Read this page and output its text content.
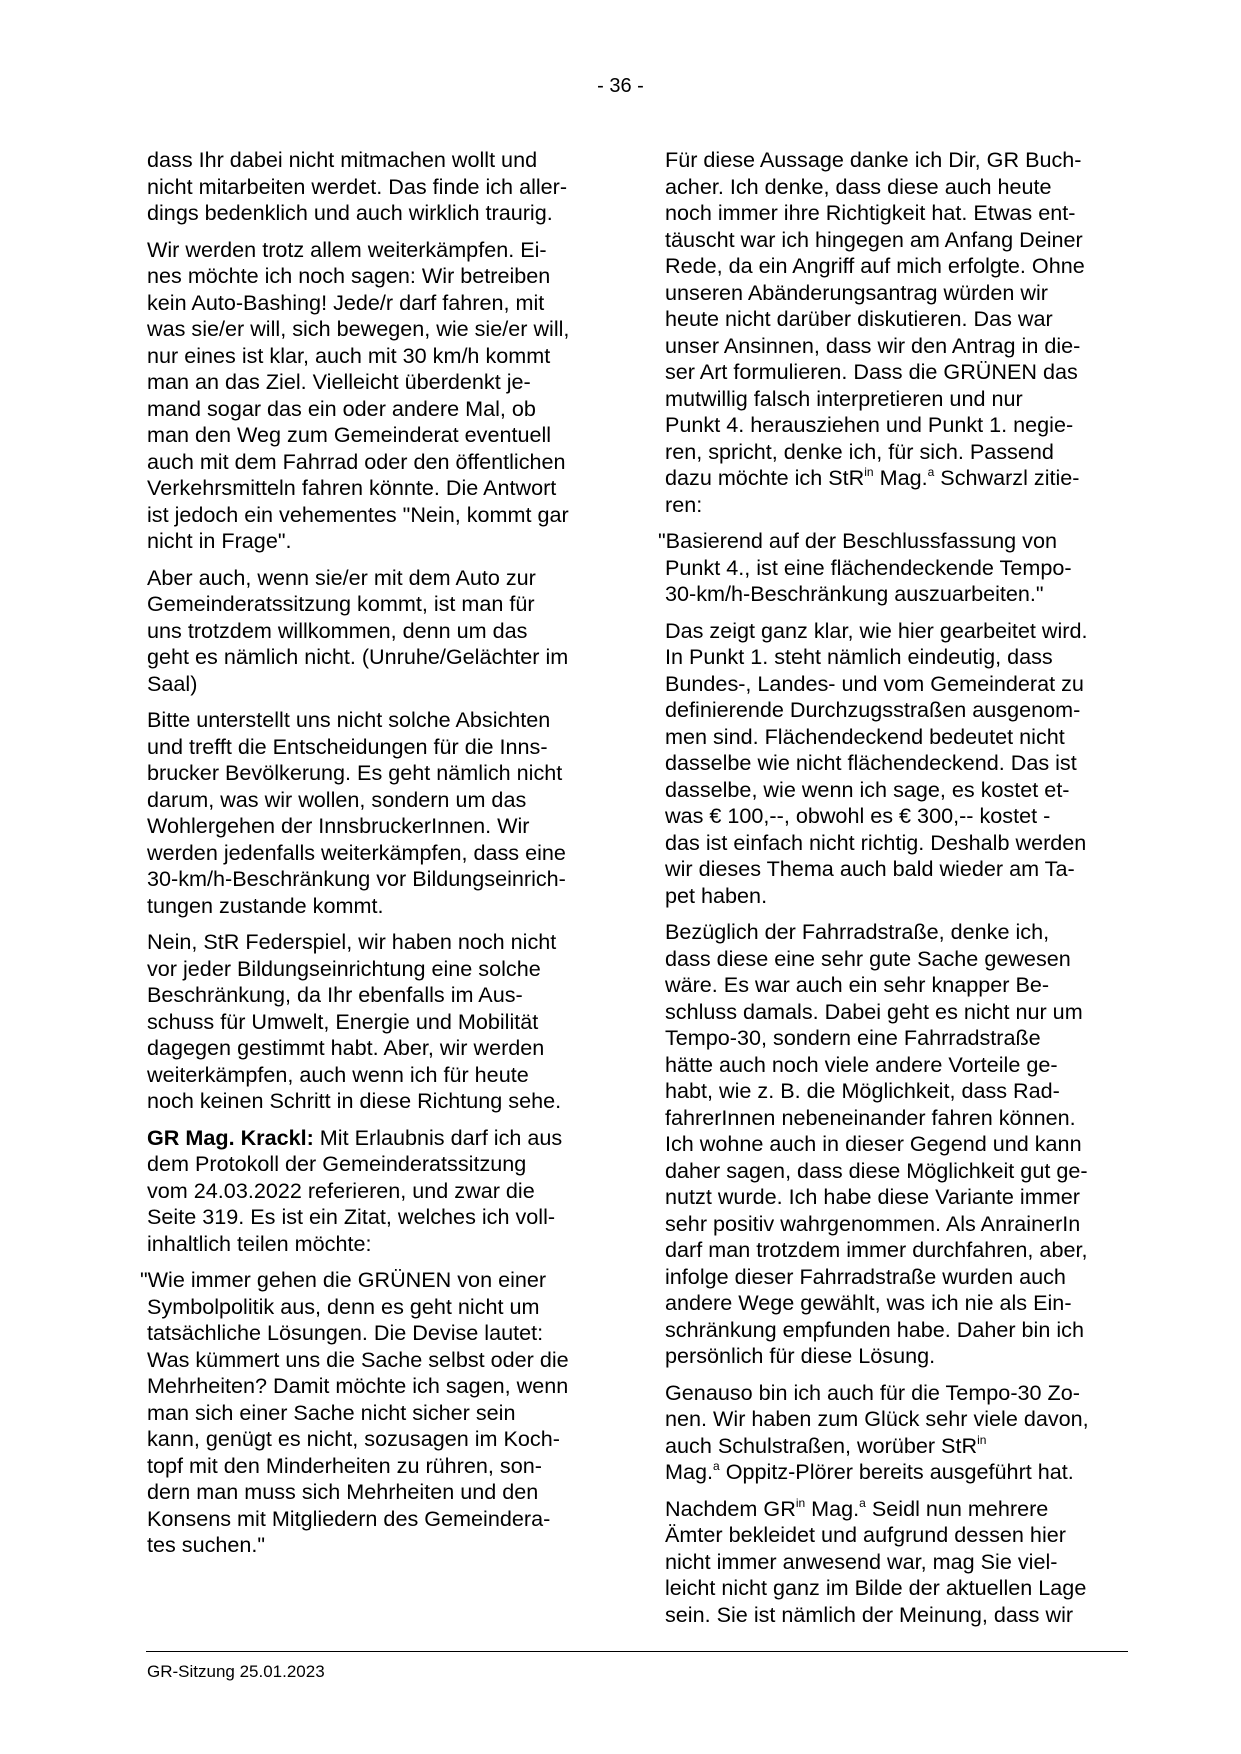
- 36 -

dass Ihr dabei nicht mitmachen wollt und
nicht mitarbeiten werdet. Das finde ich aller-
dings bedenklich und auch wirklich traurig.

Wir werden trotz allem weiterkämpfen. Ei-
nes möchte ich noch sagen: Wir betreiben
kein Auto-Bashing! Jede/r darf fahren, mit
was sie/er will, sich bewegen, wie sie/er will,
nur eines ist klar, auch mit 30 km/h kommt
man an das Ziel. Vielleicht überdenkt je-
mand sogar das ein oder andere Mal, ob
man den Weg zum Gemeinderat eventuell
auch mit dem Fahrrad oder den öffentlichen
Verkehrsmitteln fahren könnte. Die Antwort
ist jedoch ein vehementes "Nein, kommt gar
nicht in Frage".

Aber auch, wenn sie/er mit dem Auto zur
Gemeinderatssitzung kommt, ist man für
uns trotzdem willkommen, denn um das
geht es nämlich nicht. (Unruhe/Gelächter im
Saal)

Bitte unterstellt uns nicht solche Absichten
und trefft die Entscheidungen für die Inns-
brucker Bevölkerung. Es geht nämlich nicht
darum, was wir wollen, sondern um das
Wohlergehen der InnsbruckerInnen. Wir
werden jedenfalls weiterkämpfen, dass eine
30-km/h-Beschränkung vor Bildungseinrich-
tungen zustande kommt.

Nein, StR Federspiel, wir haben noch nicht
vor jeder Bildungseinrichtung eine solche
Beschränkung, da Ihr ebenfalls im Aus-
schuss für Umwelt, Energie und Mobilität
dagegen gestimmt habt. Aber, wir werden
weiterkämpfen, auch wenn ich für heute
noch keinen Schritt in diese Richtung sehe.

GR Mag. Krackl: Mit Erlaubnis darf ich aus
dem Protokoll der Gemeinderatssitzung
vom 24.03.2022 referieren, und zwar die
Seite 319. Es ist ein Zitat, welches ich voll-
inhaltlich teilen möchte:

"Wie immer gehen die GRÜNEN von einer
Symbolpolitik aus, denn es geht nicht um
tatsächliche Lösungen. Die Devise lautet:
Was kümmert uns die Sache selbst oder die
Mehrheiten? Damit möchte ich sagen, wenn
man sich einer Sache nicht sicher sein
kann, genügt es nicht, sozusagen im Koch-
topf mit den Minderheiten zu rühren, son-
dern man muss sich Mehrheiten und den
Konsens mit Mitgliedern des Gemeindera-
tes suchen."

Für diese Aussage danke ich Dir, GR Buch-
acher. Ich denke, dass diese auch heute
noch immer ihre Richtigkeit hat. Etwas ent-
täuscht war ich hingegen am Anfang Deiner
Rede, da ein Angriff auf mich erfolgte. Ohne
unseren Abänderungsantrag würden wir
heute nicht darüber diskutieren. Das war
unser Ansinnen, dass wir den Antrag in die-
ser Art formulieren. Dass die GRÜNEN das
mutwillig falsch interpretieren und nur
Punkt 4. herausziehen und Punkt 1. negie-
ren, spricht, denke ich, für sich. Passend
dazu möchte ich StR$^{in}$ Mag.$^a$ Schwarzl zitie-
ren:

"Basierend auf der Beschlussfassung von
Punkt 4., ist eine flächendeckende Tempo-
30-km/h-Beschränkung auszuarbeiten."

Das zeigt ganz klar, wie hier gearbeitet wird.
In Punkt 1. steht nämlich eindeutig, dass
Bundes-, Landes- und vom Gemeinderat zu
definierende Durchzugsstraßen ausgenom-
men sind. Flächendeckend bedeutet nicht
dasselbe wie nicht flächendeckend. Das ist
dasselbe, wie wenn ich sage, es kostet et-
was € 100,--, obwohl es € 300,-- kostet -
das ist einfach nicht richtig. Deshalb werden
wir dieses Thema auch bald wieder am Ta-
pet haben.

Bezüglich der Fahrradstraße, denke ich,
dass diese eine sehr gute Sache gewesen
wäre. Es war auch ein sehr knapper Be-
schluss damals. Dabei geht es nicht nur um
Tempo-30, sondern eine Fahrradstraße
hätte auch noch viele andere Vorteile ge-
habt, wie z. B. die Möglichkeit, dass Rad-
fahrerInnen nebeneinander fahren können.
Ich wohne auch in dieser Gegend und kann
daher sagen, dass diese Möglichkeit gut ge-
nutzt wurde. Ich habe diese Variante immer
sehr positiv wahrgenommen. Als AnrainerIn
darf man trotzdem immer durchfahren, aber,
infolge dieser Fahrradstraße wurden auch
andere Wege gewählt, was ich nie als Ein-
schränkung empfunden habe. Daher bin ich
persönlich für diese Lösung.

Genauso bin ich auch für die Tempo-30 Zo-
nen. Wir haben zum Glück sehr viele davon,
auch Schulstraßen, worüber StR$^{in}$
Mag.$^a$ Oppitz-Plörer bereits ausgeführt hat.

Nachdem $GR^{in}$ Mag.$^a$ Seidl nun mehrere
Ämter bekleidet und aufgrund dessen hier
nicht immer anwesend war, mag Sie viel-
leicht nicht ganz im Bilde der aktuellen Lage
sein. Sie ist nämlich der Meinung, dass wir

GR-Sitzung 25.01.2023
